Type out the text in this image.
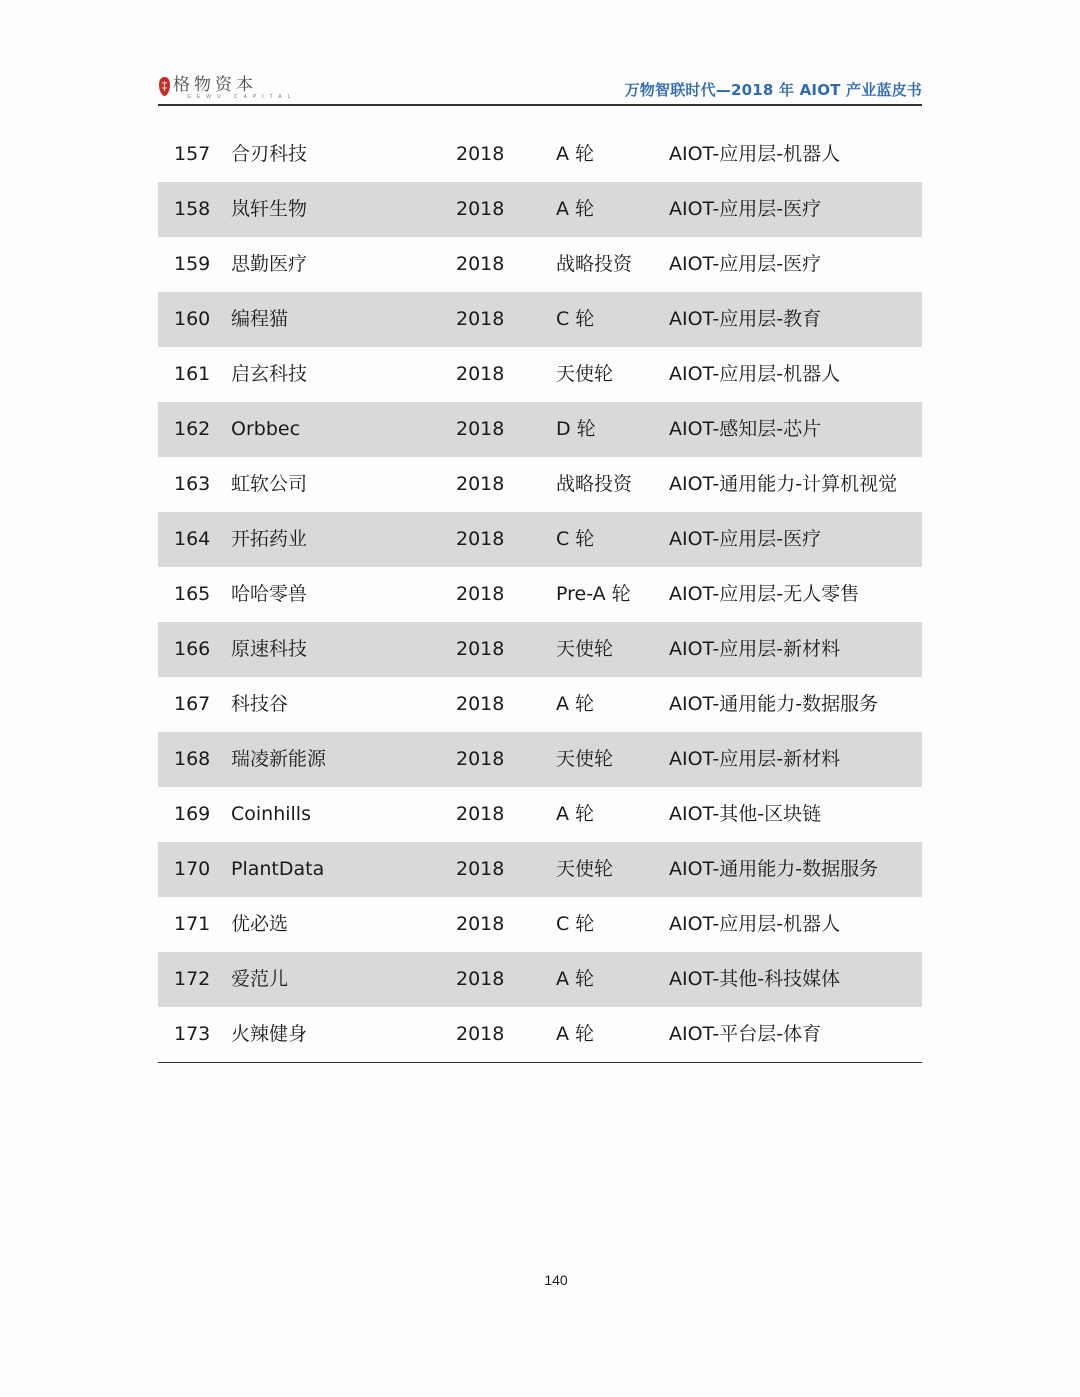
格物资本
GEWU CAPITAL	万物智联时代—2018 年 AIOT 产业蓝皮书
157 合刃科技	2018	A 轮	AIOT-应用层-机器人
158 岚轩生物	2018	A 轮	AIOT-应用层-医疗
159 思勤医疗	2018	战略投资 AIOT-应用层-医疗
160 编程猫	2018	C 轮	AIOT-应用层-教育
161 启玄科技	2018	天使轮	AIOT-应用层-机器人
162 Orbbec	2018	D 轮	AIOT-感知层-芯片
163 虹软公司	2018	战略投资 AIOT-通用能力-计算机视觉
164 开拓药业	2018	C 轮	AIOT-应用层-医疗
165 哈哈零兽	2018	Pre-A 轮 AIOT-应用层-无人零售
166 原速科技	2018	天使轮	AIOT-应用层-新材料
167 科技谷	2018	A 轮	AIOT-通用能力-数据服务
168 瑞凌新能源	2018	天使轮	AIOT-应用层-新材料
169 Coinhills	2018	A 轮	AIOT-其他-区块链
170 PlantData	2018	天使轮	AIOT-通用能力-数据服务
171 优必选	2018	C 轮	AIOT-应用层-机器人
172 爱范儿	2018	A 轮	AIOT-其他-科技媒体
173 火辣健身	2018	A 轮	AIOT-平台层-体育
140
